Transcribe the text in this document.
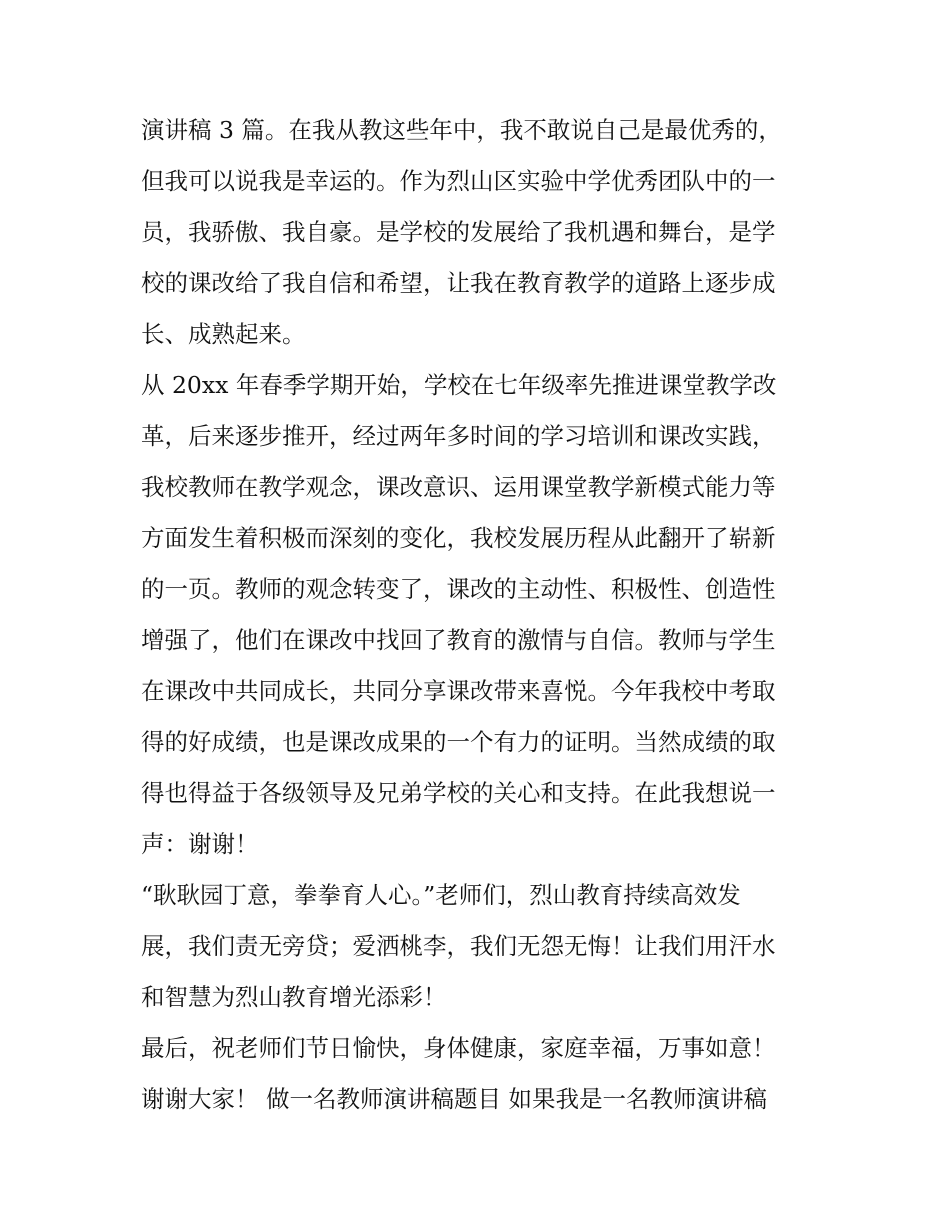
演讲稿 3 篇。在我从教这些年中，我不敢说自己是最优秀的，
但我可以说我是幸运的。作为烈山区实验中学优秀团队中的一
员，我骄傲、我自豪。是学校的发展给了我机遇和舞台，是学
校的课改给了我自信和希望，让我在教育教学的道路上逐步成
长、成熟起来。

从 20xx 年春季学期开始，学校在七年级率先推进课堂教学改
革，后来逐步推开，经过两年多时间的学习培训和课改实践，
我校教师在教学观念，课改意识、运用课堂教学新模式能力等
方面发生着积极而深刻的变化，我校发展历程从此翻开了崭新
的一页。教师的观念转变了，课改的主动性、积极性、创造性
增强了，他们在课改中找回了教育的激情与自信。教师与学生
在课改中共同成长，共同分享课改带来喜悦。今年我校中考取
得的好成绩，也是课改成果的一个有力的证明。当然成绩的取
得也得益于各级领导及兄弟学校的关心和支持。在此我想说一
声：谢谢！

“耿耿园丁意，拳拳育人心。”老师们，烈山教育持续高效发
展，我们责无旁贷；爱洒桃李，我们无怨无悔！让我们用汗水
和智慧为烈山教育增光添彩！

最后，祝老师们节日愉快，身体健康，家庭幸福，万事如意！
谢谢大家！ 做一名教师演讲稿题目 如果我是一名教师演讲稿
